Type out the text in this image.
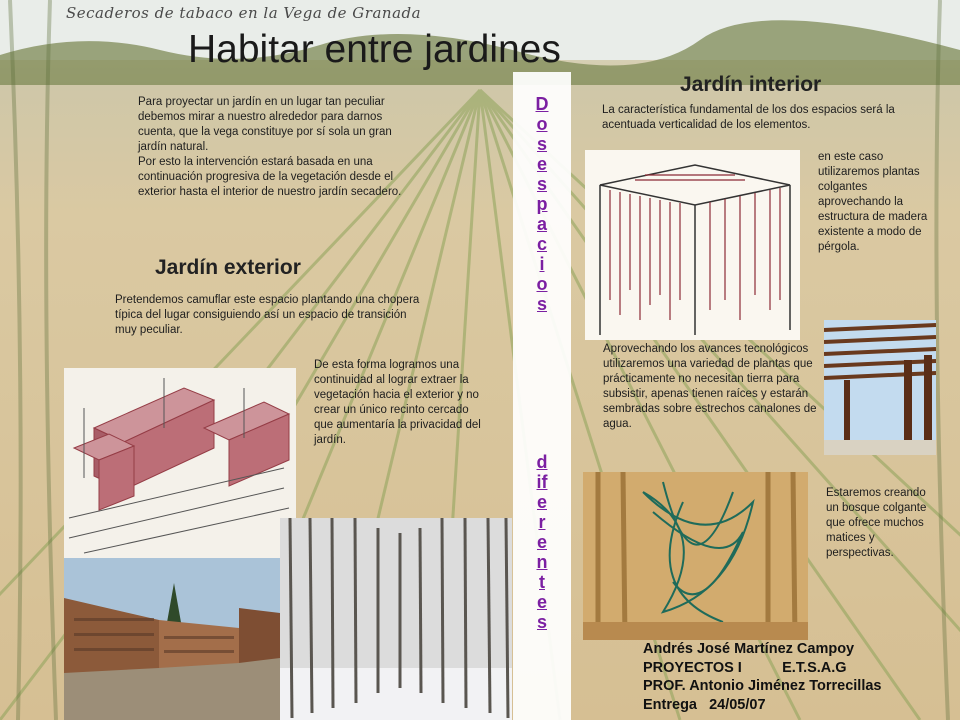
Secaderos de tabaco en la Vega de Granada
Habitar entre jardines
D
o
s
e
s
p
a
c
i
o
s
d
if
e
r
e
n
t
e
s
Para proyectar un jardín en un lugar tan peculiar debemos mirar a nuestro alrededor para darnos cuenta, que la vega constituye por sí sola un gran jardín natural.
Por esto la intervención estará basada en una continuación progresiva de la vegetación desde el exterior hasta el interior de nuestro jardín secadero.
Jardín exterior
Pretendemos camuflar este espacio plantando una chopera típica del lugar consiguiendo así un espacio de transición muy peculiar.
De esta forma logramos una continuidad al lograr extraer la vegetación hacia el exterior y no crear un único recinto cercado que aumentaría la privacidad del jardín.
Jardín interior
La característica fundamental de los dos espacios será la acentuada verticalidad de los elementos.
en este caso utilizaremos plantas colgantes aprovechando la estructura de madera existente a modo de pérgola.
Aprovechando los avances tecnológicos utilizaremos una variedad de plantas que prácticamente no necesitan tierra para subsistir, apenas tienen raíces y estarán sembradas sobre estrechos canalones de agua.
Estaremos creando un bosque colgante que ofrece muchos matices y perspectivas.
Andrés José Martínez Campoy
PROYECTOS I          E.T.S.A.G
PROF. Antonio Jiménez Torrecillas
Entrega   24/05/07
